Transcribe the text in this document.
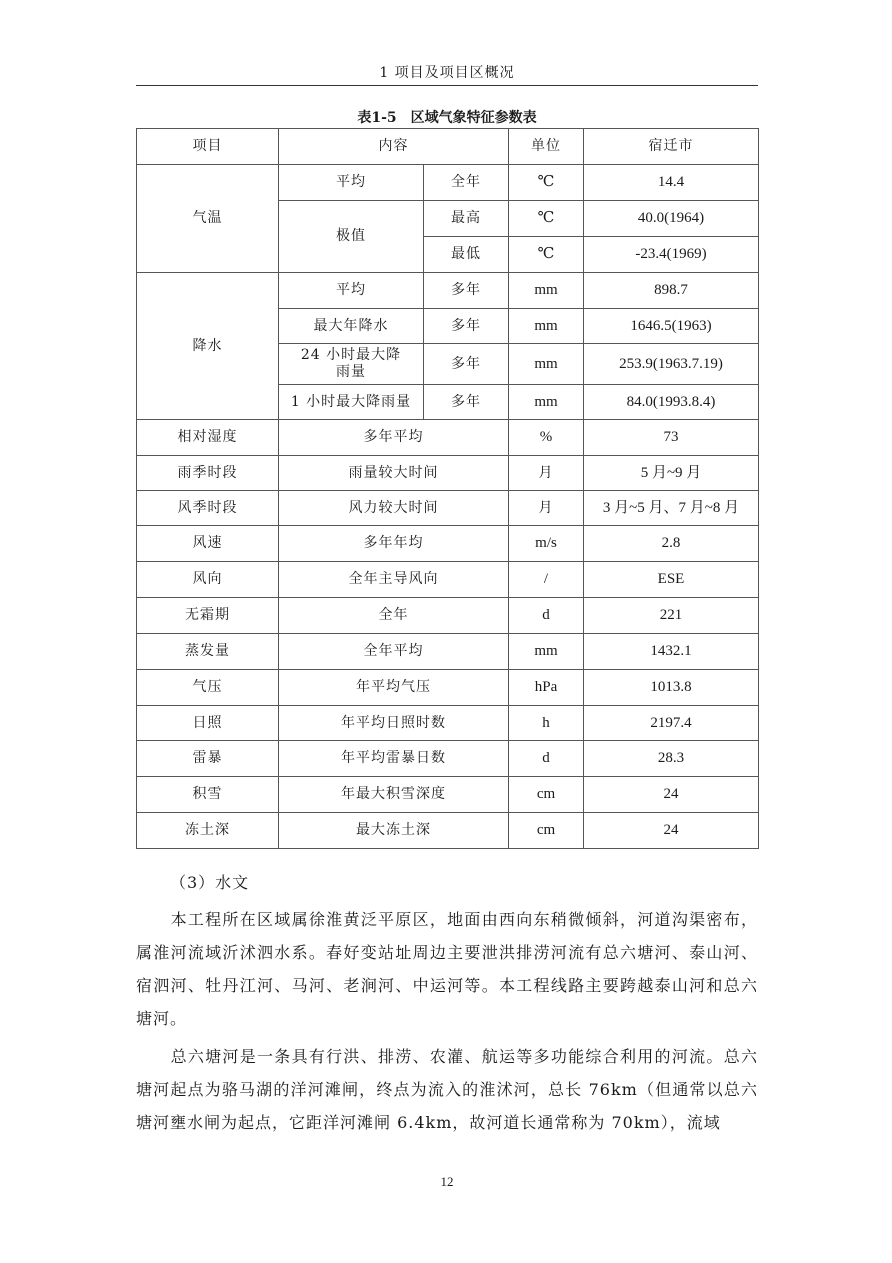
1 项目及项目区概况
表1-5　区域气象特征参数表
项目	内容		单位	宿迁市
气温	平均	全年	℃	14.4
	极值	最高	℃	40.0(1964)
		最低	℃	-23.4(1969)
降水	平均	多年	mm	898.7
	最大年降水	多年	mm	1646.5(1963)
	24 小时最大降雨量	多年	mm	253.9(1963.7.19)
	1 小时最大降雨量	多年	mm	84.0(1993.8.4)
相对湿度	多年平均		%	73
雨季时段	雨量较大时间		月	5 月~9 月
风季时段	风力较大时间		月	3 月~5 月、7 月~8 月
风速	多年年均		m/s	2.8
风向	全年主导风向		/	ESE
无霜期	全年		d	221
蒸发量	全年平均		mm	1432.1
气压	年平均气压		hPa	1013.8
日照	年平均日照时数		h	2197.4
雷暴	年平均雷暴日数		d	28.3
积雪	年最大积雪深度		cm	24
冻土深	最大冻土深		cm	24
（3）水文

　　本工程所在区域属徐淮黄泛平原区，地面由西向东稍微倾斜，河道沟渠密布，属淮河流域沂沭泗水系。春好变站址周边主要泄洪排涝河流有总六塘河、泰山河、宿泗河、牡丹江河、马河、老涧河、中运河等。本工程线路主要跨越泰山河和总六塘河。

　　总六塘河是一条具有行洪、排涝、农灌、航运等多功能综合利用的河流。总六塘河起点为骆马湖的洋河滩闸，终点为流入的淮沭河，总长 76km（但通常以总六塘河壅水闸为起点，它距洋河滩闸 6.4km，故河道长通常称为 70km），流域

12
